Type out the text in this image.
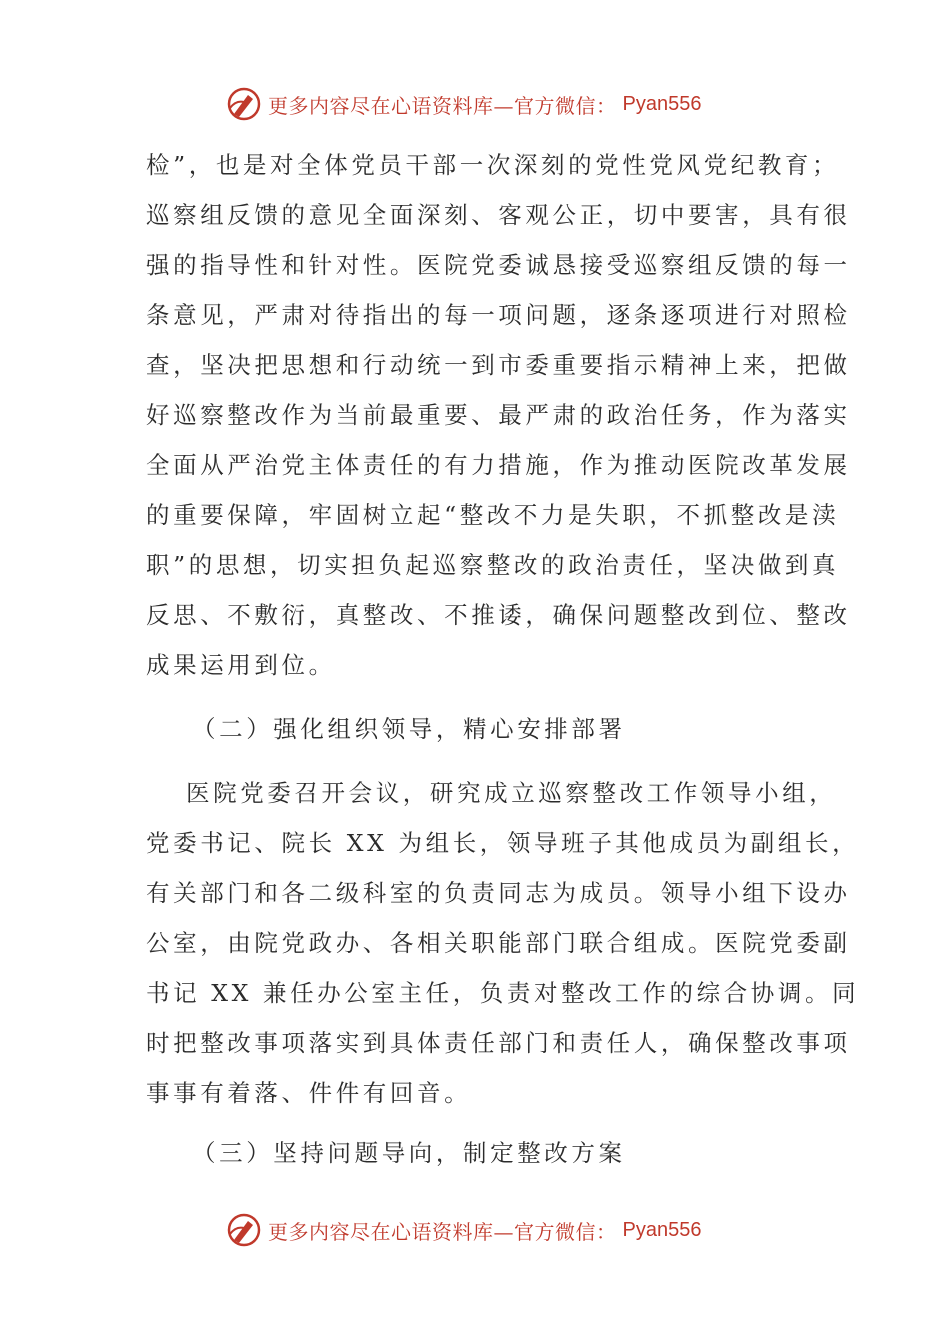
更多内容尽在心语资料库—官方微信： Pyan556
检”，也是对全体党员干部一次深刻的党性党风党纪教育；
巡察组反馈的意见全面深刻、客观公正，切中要害，具有很
强的指导性和针对性。医院党委诚恳接受巡察组反馈的每一
条意见，严肃对待指出的每一项问题，逐条逐项进行对照检
查，坚决把思想和行动统一到市委重要指示精神上来，把做
好巡察整改作为当前最重要、最严肃的政治任务，作为落实
全面从严治党主体责任的有力措施，作为推动医院改革发展
的重要保障，牢固树立起“整改不力是失职，不抓整改是渎
职”的思想，切实担负起巡察整改的政治责任，坚决做到真
反思、不敷衍，真整改、不推诿，确保问题整改到位、整改
成果运用到位。
（二）强化组织领导，精心安排部署
医院党委召开会议，研究成立巡察整改工作领导小组，
党委书记、院长 XX 为组长，领导班子其他成员为副组长，
有关部门和各二级科室的负责同志为成员。领导小组下设办
公室，由院党政办、各相关职能部门联合组成。医院党委副
书记 XX 兼任办公室主任，负责对整改工作的综合协调。同
时把整改事项落实到具体责任部门和责任人，确保整改事项
事事有着落、件件有回音。
（三）坚持问题导向，制定整改方案
更多内容尽在心语资料库—官方微信： Pyan556
